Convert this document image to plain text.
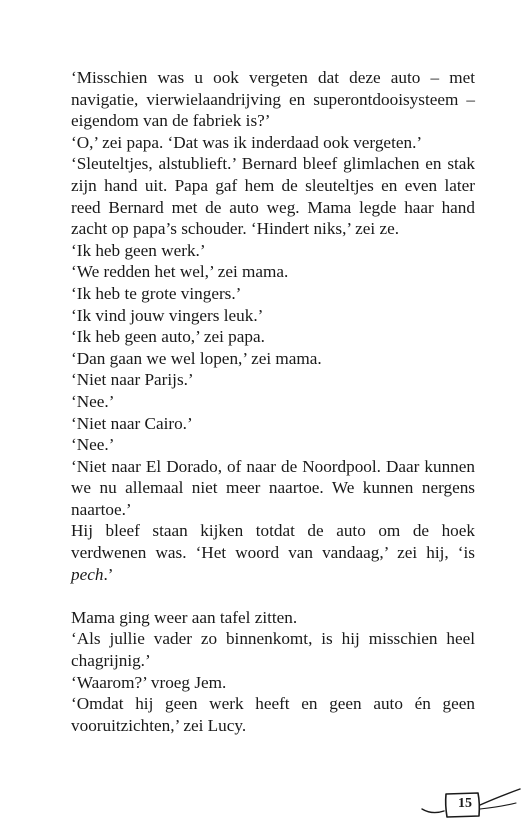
‘Misschien was u ook vergeten dat deze auto – met navigatie, vierwielaandrijving en superontdooisysteem – eigendom van de fabriek is?’

‘O,’ zei papa. ‘Dat was ik inderdaad ook vergeten.’

‘Sleuteltjes, alstublieft.’ Bernard bleef glimlachen en stak zijn hand uit. Papa gaf hem de sleuteltjes en even later reed Bernard met de auto weg. Mama legde haar hand zacht op papa’s schouder. ‘Hindert niks,’ zei ze.

‘Ik heb geen werk.’

‘We redden het wel,’ zei mama.

‘Ik heb te grote vingers.’

‘Ik vind jouw vingers leuk.’

‘Ik heb geen auto,’ zei papa.

‘Dan gaan we wel lopen,’ zei mama.

‘Niet naar Parijs.’

‘Nee.’

‘Niet naar Cairo.’

‘Nee.’

‘Niet naar El Dorado, of naar de Noordpool. Daar kunnen we nu allemaal niet meer naartoe. We kunnen nergens naartoe.’

Hij bleef staan kijken totdat de auto om de hoek verdwenen was. ‘Het woord van vandaag,’ zei hij, ‘is pech.’

Mama ging weer aan tafel zitten.

‘Als jullie vader zo binnenkomt, is hij misschien heel chagrijnig.’

‘Waarom?’ vroeg Jem.

‘Omdat hij geen werk heeft en geen auto én geen vooruitzichten,’ zei Lucy.

15
